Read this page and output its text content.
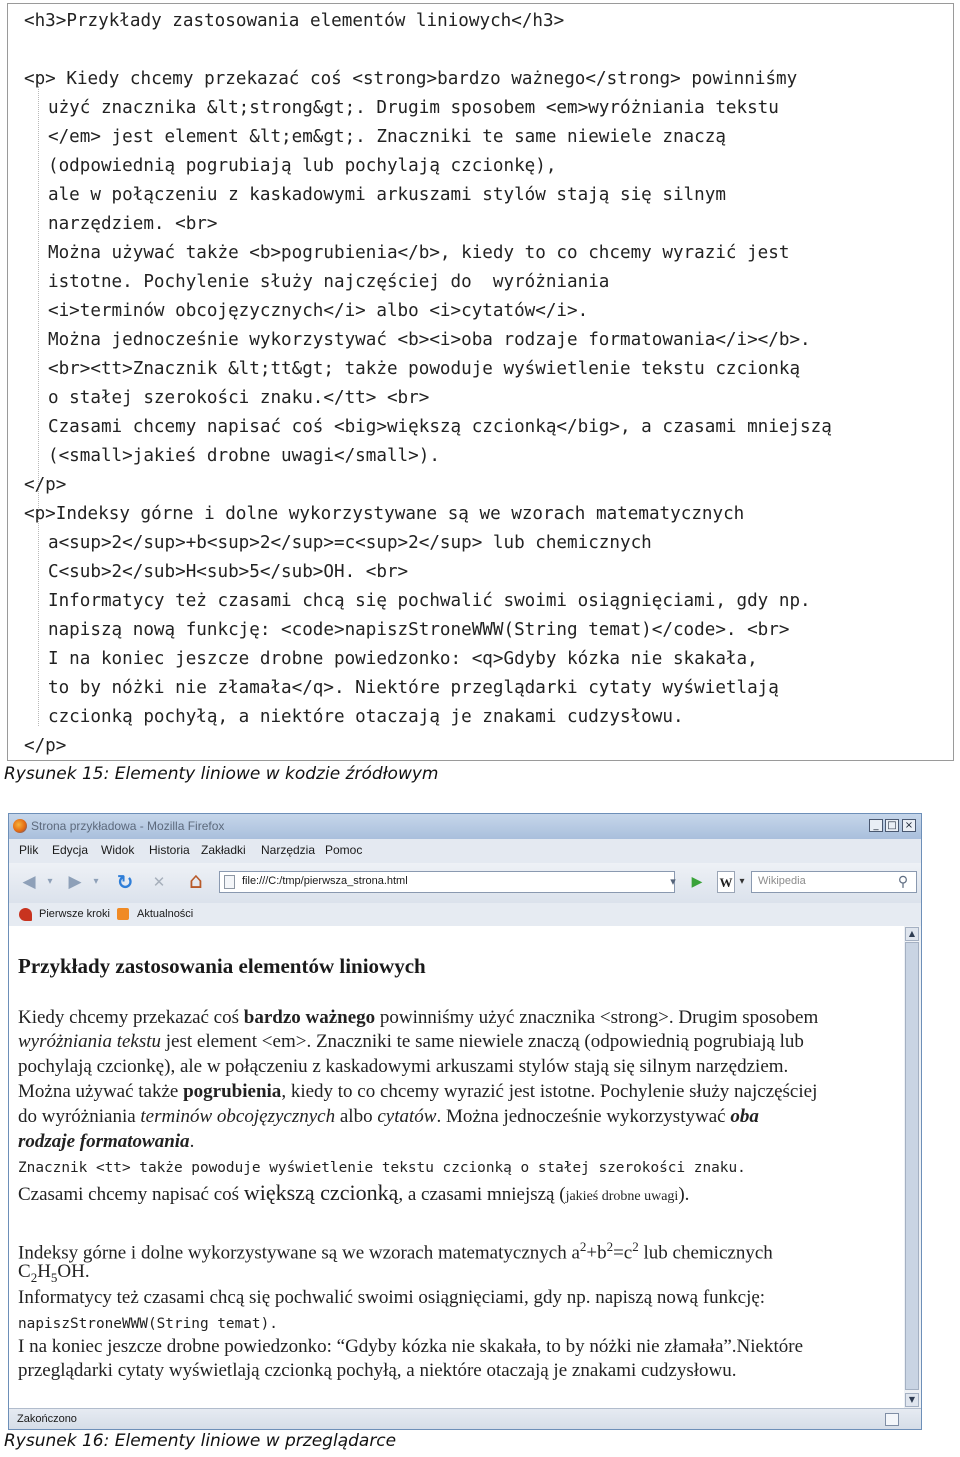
<h3>Przykłady zastosowania elementów liniowych</h3>
<p> Kiedy chcemy przekazać coś <strong>bardzo ważnego</strong> powinniśmy
użyć znacznika &lt;strong&gt;. Drugim sposobem <em>wyróżniania tekstu
</em> jest element &lt;em&gt;. Znaczniki te same niewiele znaczą
(odpowiednią pogrubiają lub pochylają czcionkę),
ale w połączeniu z kaskadowymi arkuszami stylów stają się silnym
narzędziem. <br>
Można używać także <b>pogrubienia</b>, kiedy to co chcemy wyrazić jest
istotne. Pochylenie służy najczęściej do  wyróżniania
<i>terminów obcojęzycznych</i> albo <i>cytatów</i>.
Można jednocześnie wykorzystywać <b><i>oba rodzaje formatowania</i></b>.
<br><tt>Znacznik &lt;tt&gt; także powoduje wyświetlenie tekstu czcionką
o stałej szerokości znaku.</tt> <br>
Czasami chcemy napisać coś <big>większą czcionką</big>, a czasami mniejszą
(<small>jakieś drobne uwagi</small>).
</p>
<p>Indeksy górne i dolne wykorzystywane są we wzorach matematycznych
a<sup>2</sup>+b<sup>2</sup>=c<sup>2</sup> lub chemicznych
C<sub>2</sub>H<sub>5</sub>OH. <br>
Informatycy też czasami chcą się pochwalić swoimi osiągnięciami, gdy np.
napiszą nową funkcję: <code>napiszStroneWWW(String temat)</code>. <br>
I na koniec jeszcze drobne powiedzonko: <q>Gdyby kózka nie skakała,
to by nóżki nie złamała</q>. Niektóre przeglądarki cytaty wyświetlają
czcionką pochyłą, a niektóre otaczają je znakami cudzysłowu.
</p>
Rysunek 15: Elementy liniowe w kodzie źródłowym
Strona przykładowa - Mozilla Firefox	_ □ ×
Plik Edycja Widok Historia Zakładki Narzędzia Pomoc
◀	▾ ▶	▾ ↻	✕ ⌂	file:///C:/tmp/pierwsza_strona.html	▾	▶	W ▾	Wikipedia	⚲
Pierwsze kroki Aktualności
▲
▼
Zakończono
Przykłady zastosowania elementów liniowych
Kiedy chcemy przekazać coś bardzo ważnego powinniśmy użyć znacznika <strong>. Drugim sposobem
wyróżniania tekstu jest element <em>. Znaczniki te same niewiele znaczą (odpowiednią pogrubiają lub
pochylają czcionkę), ale w połączeniu z kaskadowymi arkuszami stylów stają się silnym narzędziem.
Można używać także pogrubienia, kiedy to co chcemy wyrazić jest istotne. Pochylenie służy najczęściej
do wyróżniania terminów obcojęzycznych albo cytatów. Można jednocześnie wykorzystywać oba
rodzaje formatowania.
Znacznik <tt> także powoduje wyświetlenie tekstu czcionką o stałej szerokości znaku.
Czasami chcemy napisać coś większą czcionką, a czasami mniejszą (jakieś drobne uwagi).
Indeksy górne i dolne wykorzystywane są we wzorach matematycznych $a^2+b^2=c^2$ lub chemicznych
$C_2H_5OH$.
Informatycy też czasami chcą się pochwalić swoimi osiągnięciami, gdy np. napiszą nową funkcję:
napiszStroneWWW(String temat).
I na koniec jeszcze drobne powiedzonko: “Gdyby kózka nie skakała, to by nóżki nie złamała”.Niektóre
przeglądarki cytaty wyświetlają czcionką pochyłą, a niektóre otaczają je znakami cudzysłowu.
Rysunek 16: Elementy liniowe w przeglądarce
